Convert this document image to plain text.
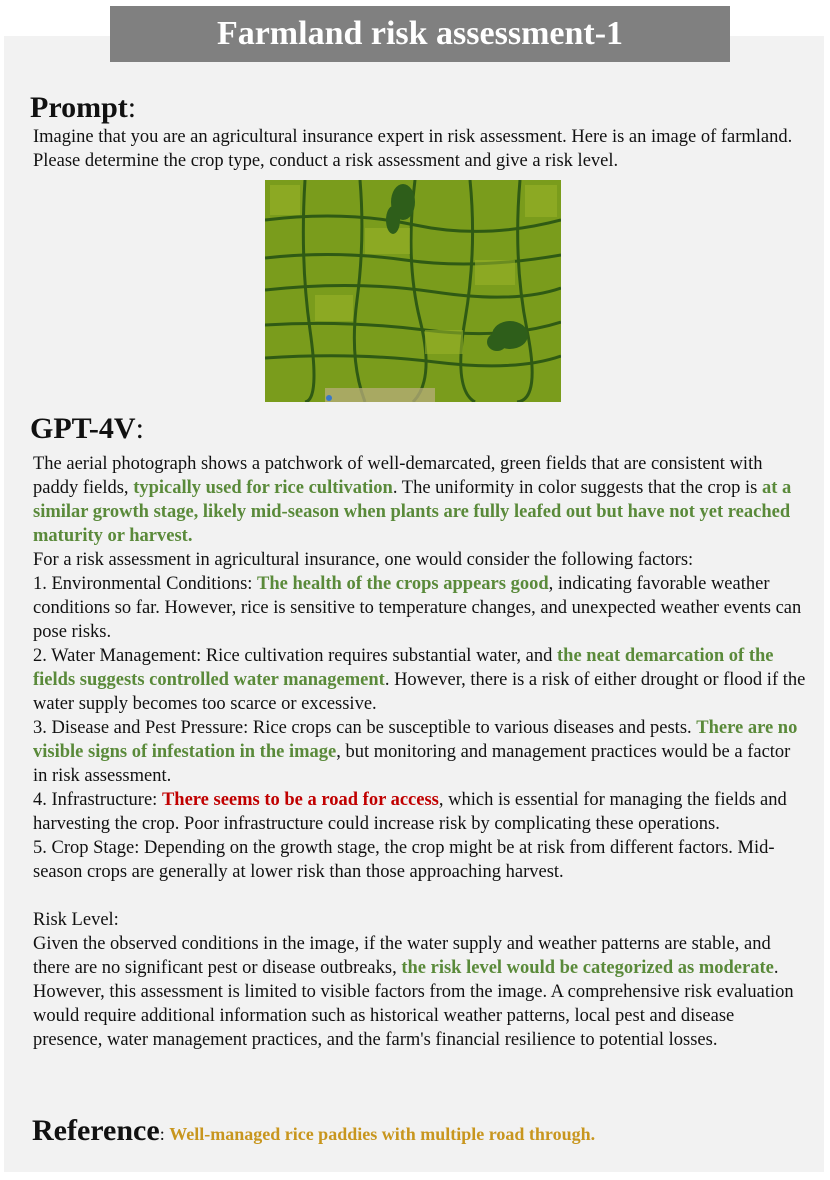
Farmland risk assessment-1
Prompt:

Imagine that you are an agricultural insurance expert in risk assessment. Here is an image of farmland. Please determine the crop type, conduct a risk assessment and give a risk level.

GPT-4V:

The aerial photograph shows a patchwork of well-demarcated, green fields that are consistent with paddy fields, typically used for rice cultivation. The uniformity in color suggests that the crop is at a similar growth stage, likely mid-season when plants are fully leafed out but have not yet reached maturity or harvest.

For a risk assessment in agricultural insurance, one would consider the following factors:

1. Environmental Conditions: The health of the crops appears good, indicating favorable weather conditions so far. However, rice is sensitive to temperature changes, and unexpected weather events can pose risks.

2. Water Management: Rice cultivation requires substantial water, and the neat demarcation of the fields suggests controlled water management. However, there is a risk of either drought or flood if the water supply becomes too scarce or excessive.

3. Disease and Pest Pressure: Rice crops can be susceptible to various diseases and pests. There are no visible signs of infestation in the image, but monitoring and management practices would be a factor in risk assessment.

4. Infrastructure: There seems to be a road for access, which is essential for managing the fields and harvesting the crop. Poor infrastructure could increase risk by complicating these operations.

5. Crop Stage: Depending on the growth stage, the crop might be at risk from different factors. Mid-season crops are generally at lower risk than those approaching harvest.

Risk Level:

Given the observed conditions in the image, if the water supply and weather patterns are stable, and there are no significant pest or disease outbreaks, the risk level would be categorized as moderate. However, this assessment is limited to visible factors from the image. A comprehensive risk evaluation would require additional information such as historical weather patterns, local pest and disease presence, water management practices, and the farm's financial resilience to potential losses.

Reference: Well-managed rice paddies with multiple road through.
